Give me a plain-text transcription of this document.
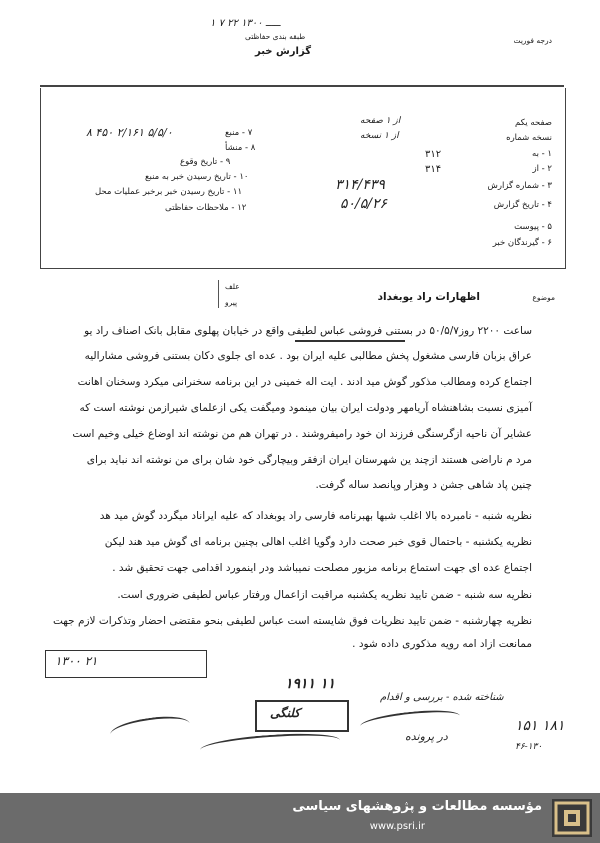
ـــــ ۱۳۰۰ ۲۲ ۷ ۱
طبقه بندی حفاظتی
گزارش خبر
درجه فوریت
۵/۵/۰ ۲/۱۶۱ ۴۵۰ ۸	۷ - منبع
۸ - منشأ
۹ - تاریخ وقوع
۱۰ - تاریخ رسیدن خبر به منبع
۱۱ - تاریخ رسیدن خبر برخبر عملیات محل
۱۲ - ملاحظات حفاظتی
صفحه یکم
از ۱ صفحه
نسخه شماره
از ۱ نسخه
۱ - به
۳۱۲
۲ - از
۳۱۴
۳ - شماره گزارش
۳۱۴/۴۳۹
۴ - تاریخ گزارش
۵۰/۵/۲۶
۵ - پیوست
۶ - گیرندگان خبر
موضوع
اظهارات راد یوبغداد
علف
پیرو
ساعت ۲۲۰۰ روز۵۰/۵/۷ در بستنی فروشی عباس لطیفی واقع در خیابان پهلوی مقابل بانک اصناف راد یو
عراق بزبان فارسی مشغول پخش مطالبی علیه ایران بود . عده ای جلوی دکان بستنی فروشی مشارالیه
اجتماع کرده ومطالب مذکور گوش مید ادند . ایت اله خمینی در این برنامه سخنرانی میکرد وسخنان اهانت
آمیزی نسبت بشاهنشاه آریامهر ودولت ایران بیان مینمود ومیگفت یکی ازعلمای شیرازمن نوشته است که
عشایر آن ناحیه ازگرسنگی فرزند ان خود رامیفروشند . در تهران هم من نوشته اند اوضاع خیلی وخیم است
مرد م ناراضی هستند ازچند ین شهرستان ایران ازفقر وبیچارگی خود شان برای من نوشته اند نباید برای
چنین پاد شاهی جشن د وهزار وپانصد ساله گرفت.
نظریه شنبه - نامبرده بالا اغلب شبها بهبرنامه فارسی راد یوبغداد که علیه ایراناد میگردد گوش مید هد
نظریه یکشنبه - باحتمال قوی خبر صحت دارد وگویا اغلب اهالی بچنین برنامه ای گوش مید هند لیکن
اجتماع عده ای جهت استماع برنامه مزبور مصلحت نمیباشد ودر اینمورد اقدامی جهت تحقیق شد .
نظریه سه شنبه - ضمن تایید نظریه یکشنبه مراقبت ازاعمال ورفتار عباس لطیفی ضروری است.
نظریه چهارشنبه - ضمن تایید نظریات فوق شایسته است عباس لطیفی بنحو مقتضی احضار وتذکرات لازم جهت
ممانعت ازاد امه رویه مذکوری داده شود .
۱۳۰۰ ۲۱
۱۹۱۱ ۱۱
شناخته شده - بررسی و اقدام
کلنگی
در پرونده
۱۵۱ ۱۸۱
۴۶-۱۳۰
مؤسسه مطالعات و پژوهشهای سیاسی
www.psri.ir
